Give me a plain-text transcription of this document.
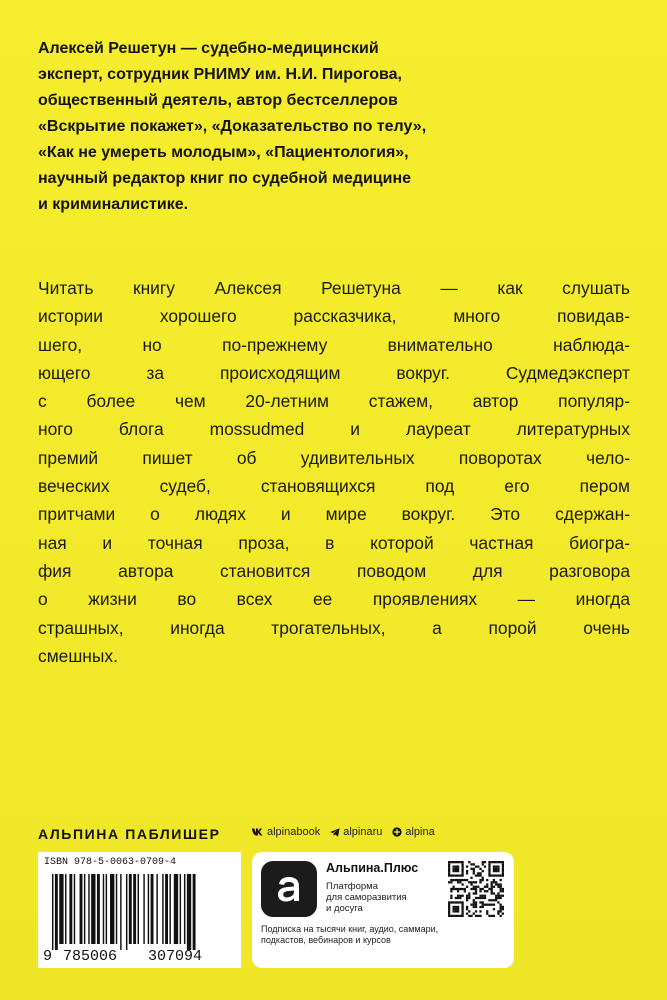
Алексей Решетун — судебно-медицинский
эксперт, сотрудник РНИМУ им. Н.И. Пирогова,
общественный деятель, автор бестселлеров
«Вскрытие покажет», «Доказательство по телу»,
«Как не умереть молодым», «Пациентология»,
научный редактор книг по судебной медицине
и криминалистике.

Читать книгу Алексея Решетуна — как слушать
истории хорошего рассказчика, много повидав-
шего, но по-прежнему внимательно наблюда-
ющего за происходящим вокруг. Судмедэксперт
с более чем 20-летним стажем, автор популяр-
ного блога mossudmed и лауреат литературных
премий пишет об удивительных поворотах чело-
веческих судеб, становящихся под его пером
притчами о людях и мире вокруг. Это сдержан-
ная и точная проза, в которой частная биогра-
фия автора становится поводом для разговора
о жизни во всех ее проявлениях — иногда
страшных, иногда трогательных, а порой очень
смешных.

АЛЬПИНА ПАБЛИШЕР	alpinabook alpinaru alpina
ISBN 978-5-0063-0709-4
9 785006 307094
Альпина.Плюс

Платформа
для саморазвития
и досуга

Подписка на тысячи книг, аудио, саммари,
подкастов, вебинаров и курсов
